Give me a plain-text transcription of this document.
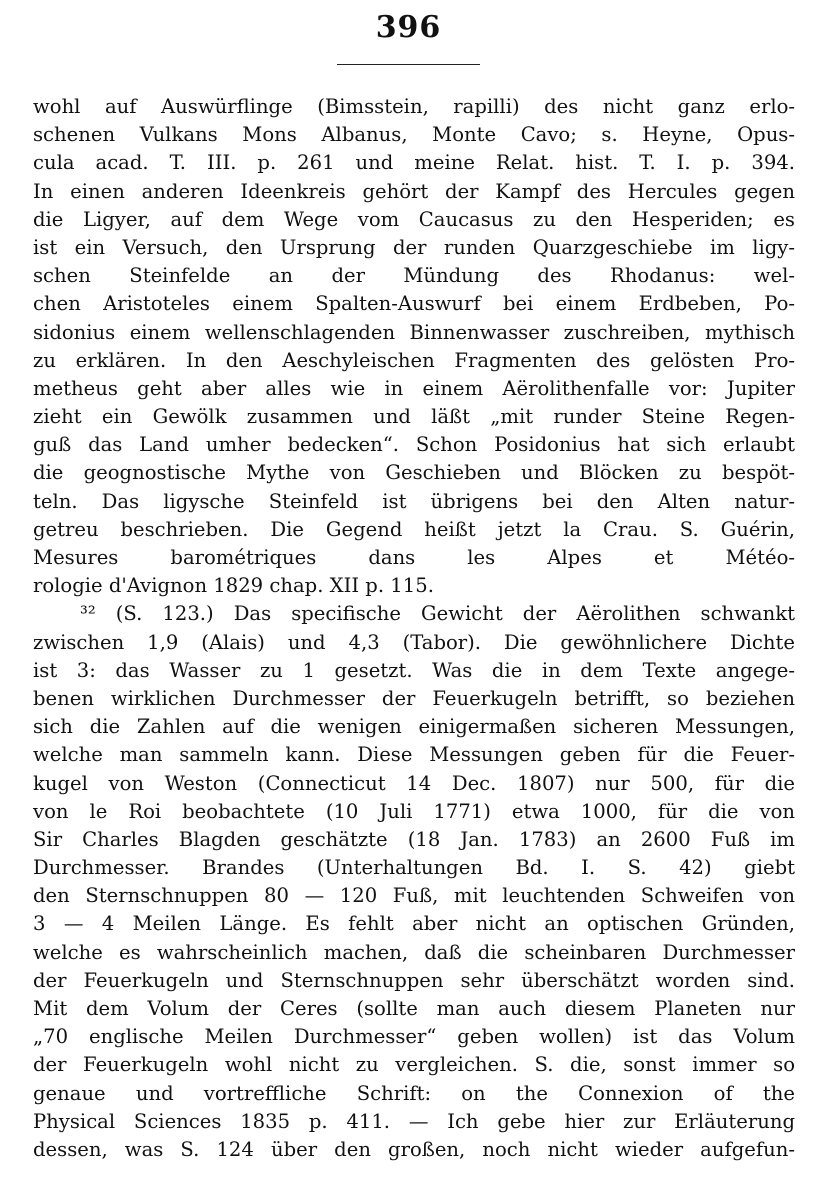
396
wohl auf Auswürflinge (Bimsstein, rapilli) des nicht ganz erlo-
schenen Vulkans Mons Albanus, Monte Cavo; s. Heyne, Opus-
cula acad. T. III. p. 261 und meine Relat. hist. T. I. p. 394.
In einen anderen Ideenkreis gehört der Kampf des Hercules gegen
die Ligyer, auf dem Wege vom Caucasus zu den Hesperiden; es
ist ein Versuch, den Ursprung der runden Quarzgeschiebe im ligy-
schen Steinfelde an der Mündung des Rhodanus: wel-
chen Aristoteles einem Spalten-Auswurf bei einem Erdbeben, Po-
sidonius einem wellenschlagenden Binnenwasser zuschreiben, mythisch
zu erklären. In den Aeschyleischen Fragmenten des gelösten Pro-
metheus geht aber alles wie in einem Aërolithenfalle vor: Jupiter
zieht ein Gewölk zusammen und läßt „mit runder Steine Regen-
guß das Land umher bedecken“. Schon Posidonius hat sich erlaubt
die geognostische Mythe von Geschieben und Blöcken zu bespöt-
teln. Das ligysche Steinfeld ist übrigens bei den Alten natur-
getreu beschrieben. Die Gegend heißt jetzt la Crau. S. Guérin,
Mesures barométriques dans les Alpes et Météo-
rologie d'Avignon 1829 chap. XII p. 115.
³² (S. 123.) Das specifische Gewicht der Aërolithen schwankt
zwischen 1,9 (Alais) und 4,3 (Tabor). Die gewöhnlichere Dichte
ist 3: das Wasser zu 1 gesetzt. Was die in dem Texte angege-
benen wirklichen Durchmesser der Feuerkugeln betrifft, so beziehen
sich die Zahlen auf die wenigen einigermaßen sicheren Messungen,
welche man sammeln kann. Diese Messungen geben für die Feuer-
kugel von Weston (Connecticut 14 Dec. 1807) nur 500, für die
von le Roi beobachtete (10 Juli 1771) etwa 1000, für die von
Sir Charles Blagden geschätzte (18 Jan. 1783) an 2600 Fuß im
Durchmesser. Brandes (Unterhaltungen Bd. I. S. 42) giebt
den Sternschnuppen 80 — 120 Fuß, mit leuchtenden Schweifen von
3 — 4 Meilen Länge. Es fehlt aber nicht an optischen Gründen,
welche es wahrscheinlich machen, daß die scheinbaren Durchmesser
der Feuerkugeln und Sternschnuppen sehr überschätzt worden sind.
Mit dem Volum der Ceres (sollte man auch diesem Planeten nur
„70 englische Meilen Durchmesser“ geben wollen) ist das Volum
der Feuerkugeln wohl nicht zu vergleichen. S. die, sonst immer so
genaue und vortreffliche Schrift: on the Connexion of the
Physical Sciences 1835 p. 411. — Ich gebe hier zur Erläuterung
dessen, was S. 124 über den großen, noch nicht wieder aufgefun-
